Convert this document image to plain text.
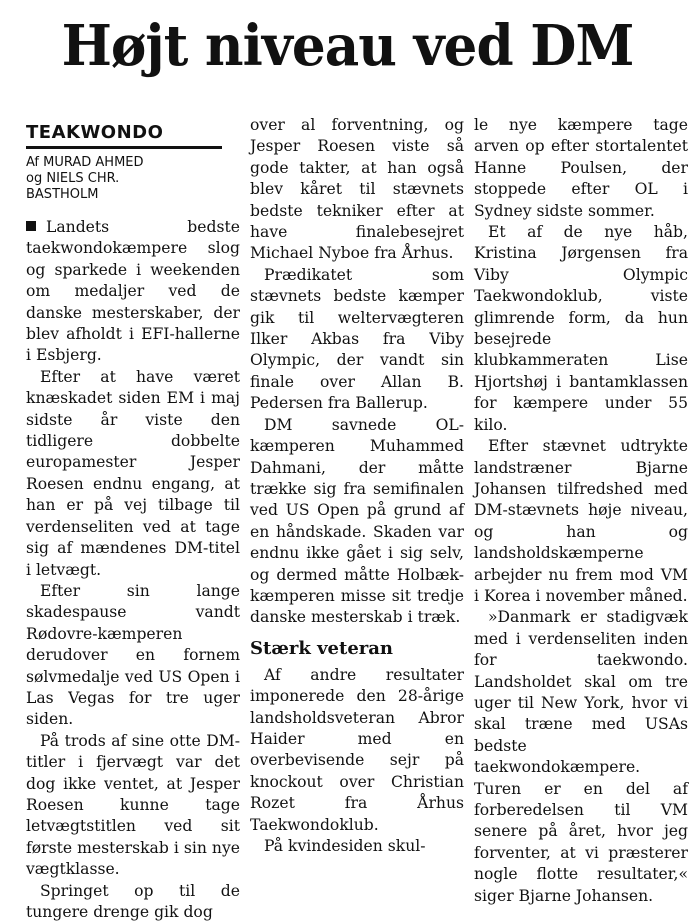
Højt niveau ved DM
TEAKWONDO
Af MURAD AHMED
og NIELS CHR.
BASTHOLM

Landets bedste taekwondokæmpere slog og sparkede i weekenden om medaljer ved de danske mesterskaber, der blev afholdt i EFI-hallerne i Esbjerg.

Efter at have været knæskadet siden EM i maj sidste år viste den tidligere dobbelte europamester Jesper Roesen endnu engang, at han er på vej tilbage til verdenseliten ved at tage sig af mændenes DM-titel i letvægt.

Efter sin lange skadespause vandt Rødovre-kæmperen derudover en fornem sølvmedalje ved US Open i Las Vegas for tre uger siden.

På trods af sine otte DM-titler i fjervægt var det dog ikke ventet, at Jesper Roesen kunne tage letvægtstitlen ved sit første mesterskab i sin nye vægtklasse.

Springet op til de tungere drenge gik dog

over al forventning, og Jesper Roesen viste så gode takter, at han også blev kåret til stævnets bedste tekniker efter at have finalebesejret Michael Nyboe fra Århus.

Prædikatet som stævnets bedste kæmper gik til weltervægteren Ilker Akbas fra Viby Olympic, der vandt sin finale over Allan B. Pedersen fra Ballerup.

DM savnede OL-kæmperen Muhammed Dahmani, der måtte trække sig fra semifinalen ved US Open på grund af en håndskade. Skaden var endnu ikke gået i sig selv, og dermed måtte Holbæk-kæmperen misse sit tredje danske mesterskab i træk.

Stærk veteran

Af andre resultater imponerede den 28-årige landsholdsveteran Abror Haider med en overbevisende sejr på knockout over Christian Rozet fra Århus Taekwondoklub.

På kvindesiden skul-

le nye kæmpere tage arven op efter stortalentet Hanne Poulsen, der stoppede efter OL i Sydney sidste sommer.

Et af de nye håb, Kristina Jørgensen fra Viby Olympic Taekwondoklub, viste glimrende form, da hun besejrede klubkammeraten Lise Hjortshøj i bantamklassen for kæmpere under 55 kilo.

Efter stævnet udtrykte landstræner Bjarne Johansen tilfredshed med DM-stævnets høje niveau, og han og landsholdskæmperne arbejder nu frem mod VM i Korea i november måned.

»Danmark er stadigvæk med i verdenseliten inden for taekwondo. Landsholdet skal om tre uger til New York, hvor vi skal træne med USAs bedste taekwondokæmpere.

Turen er en del af forberedelsen til VM senere på året, hvor jeg forventer, at vi præsterer nogle flotte resultater,« siger Bjarne Johansen.
